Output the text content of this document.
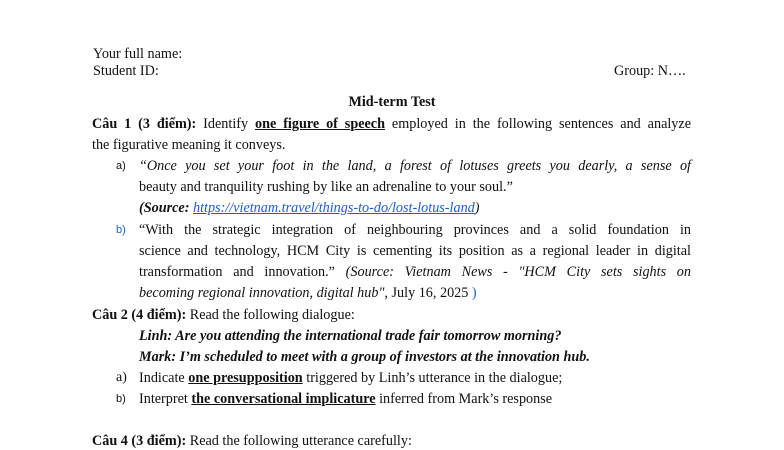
Your full name:
Student ID:	Group: N….
Mid-term Test
Câu 1 (3 điểm): Identify one figure of speech employed in the following sentences and analyze
the figurative meaning it conveys.
a) “Once you set your foot in the land, a forest of lotuses greets you dearly, a sense of
beauty and tranquility rushing by like an adrenaline to your soul.”
(Source: https://vietnam.travel/things-to-do/lost-lotus-land)
b) “With the strategic integration of neighbouring provinces and a solid foundation in
science and technology, HCM City is cementing its position as a regional leader in digital
transformation and innovation.” (Source: Vietnam News - "HCM City sets sights on
becoming regional innovation, digital hub", July 16, 2025 )
Câu 2 (4 điểm): Read the following dialogue:
Linh: Are you attending the international trade fair tomorrow morning?
Mark: I’m scheduled to meet with a group of investors at the innovation hub.
a) Indicate one presupposition triggered by Linh’s utterance in the dialogue;
b) Interpret the conversational implicature inferred from Mark’s response
Câu 4 (3 điểm): Read the following utterance carefully:
